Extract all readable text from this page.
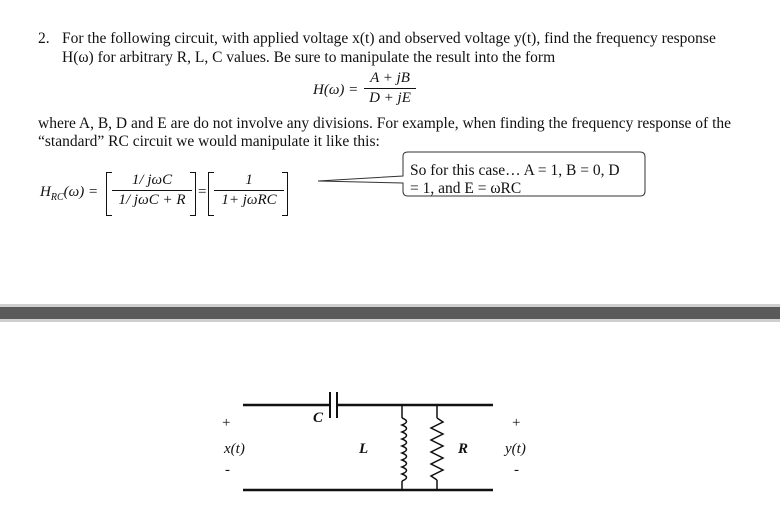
2. For the following circuit, with applied voltage x(t) and observed voltage y(t), find the frequency response
H(ω) for arbitrary R, L, C values. Be sure to manipulate the result into the form
H(ω) =
A + jB
D + jE
where A, B, D and E are do not involve any divisions. For example, when finding the frequency response of the
“standard” RC circuit we would manipulate it like this:
$H_{RC}(\omega)$ =
1/ jωC
1/ jωC + R =
1
1+ jωRC
So for this case… A = 1, B = 0, D
= 1, and E = ωRC
+
x(t)
-
C
L	R
+
y(t)
-
